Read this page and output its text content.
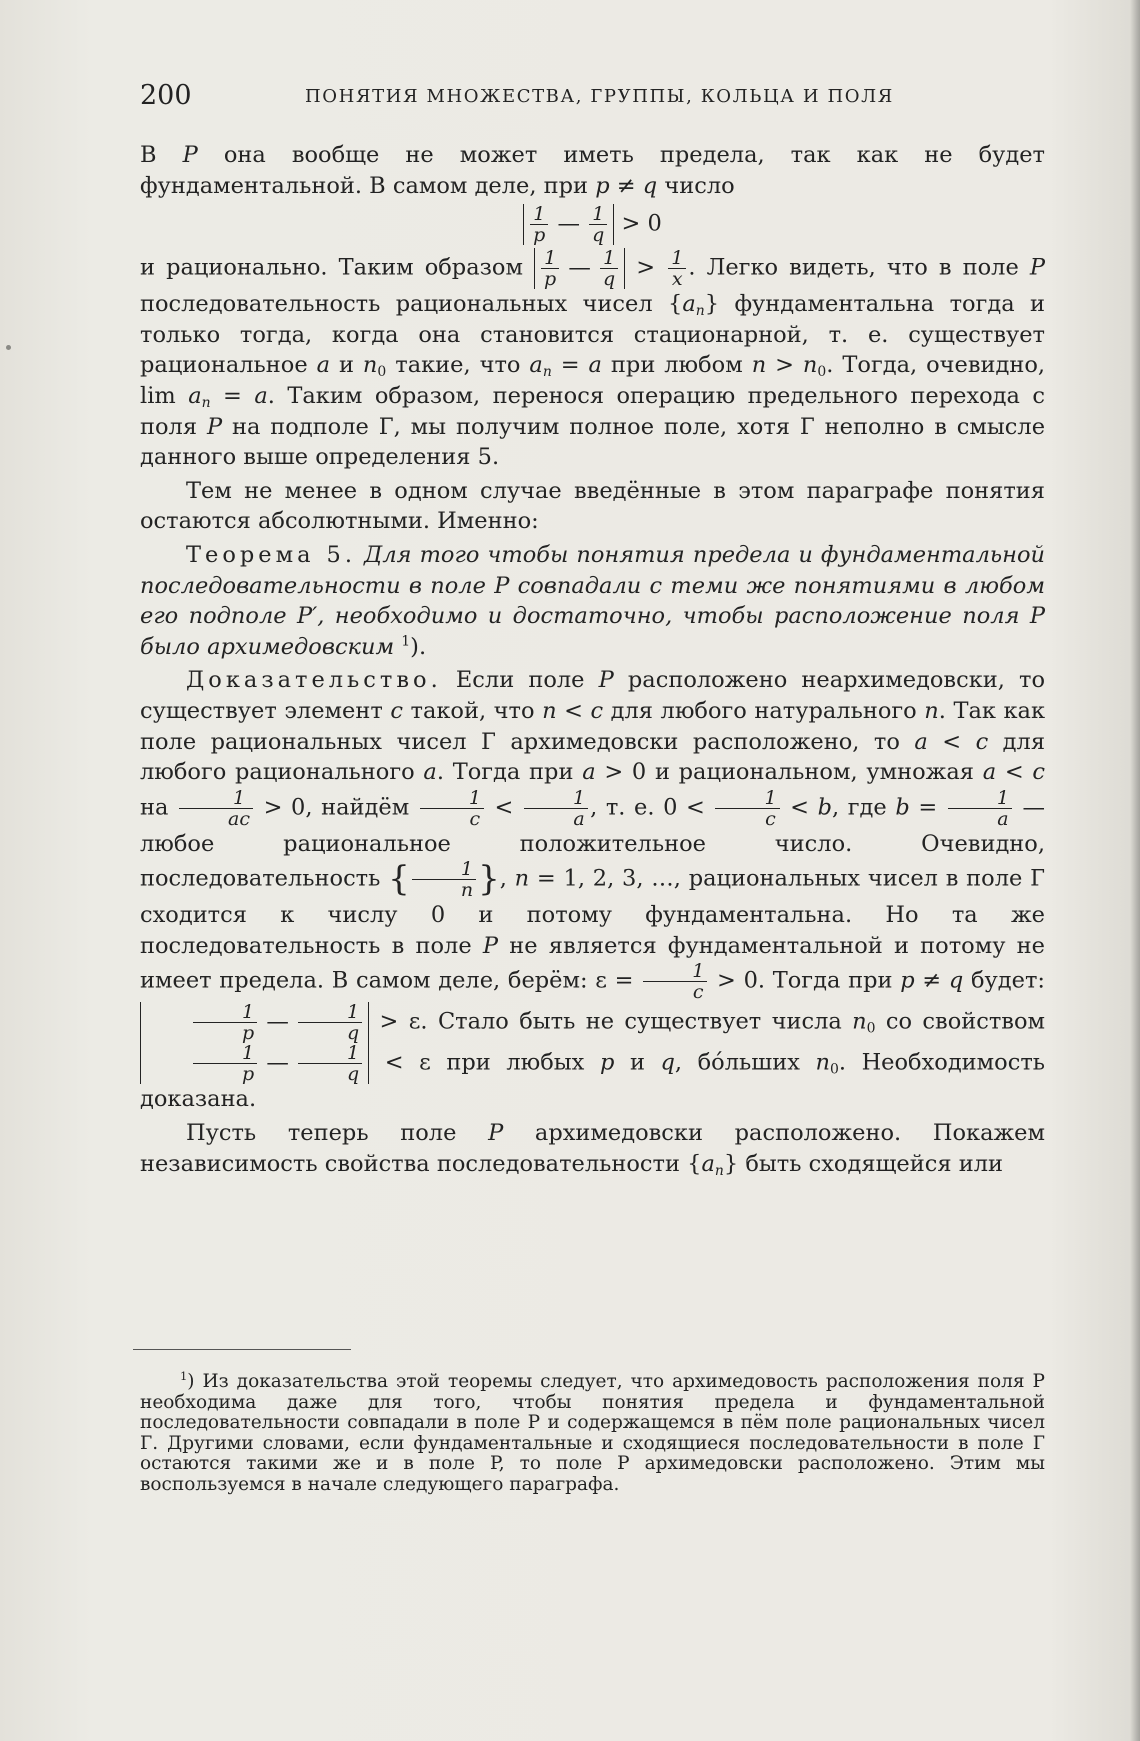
200	ПОНЯТИЯ МНОЖЕСТВА, ГРУППЫ, КОЛЬЦА И ПОЛЯ

В P она вообще не может иметь предела, так как не будет фундаментальной. В самом деле, при p ≠ q число

$\frac{1}{p}$ — $\frac{1}{q} > 0$

и рационально. Таким образом $\frac{1}{p}$ — $\frac{1}{q} > \frac{1}{x}$ . Легко видеть, что в поле P последовательность рациональных чисел $\{a_n\}$ фундаментальна тогда и только тогда, когда она становится стационарной, т. е. существует рациональное a и $n_0$ такие, что $a_n = a$ при любом $n > n_0$. Тогда, очевидно, $\lim a_n = a$. Таким образом, перенося операцию предельного перехода с поля P на подполе Г, мы получим полное поле, хотя Г неполно в смысле данного выше определения 5.

Тем не менее в одном случае введённые в этом параграфе понятия остаются абсолютными. Именно:

Теорема 5. Для того чтобы понятия предела и фундаментальной последовательности в поле P совпадали с теми же понятиями в любом его подполе P′, необходимо и достаточно, чтобы расположение поля P было архимедовским $^1$).

Доказательство. Если поле P расположено неархимедовски, то существует элемент c такой, что n < c для любого натурального n. Так как поле рациональных чисел Г архимедовски расположено, то a < c для любого рационального a. Тогда при a > 0 и рациональном, умножая a < c на $\frac{1}{ac} > 0$, найдём $\frac{1}{c} < \frac{1}{a}$ , т. е. $0 < \frac{1}{c} < b$, где $b = \frac{1}{a}$ — любое рациональное положительное число. Очевидно, последовательность { $\frac{1}{n}$ }, n = 1, 2, 3, …, рациональных чисел в поле Г сходится к числу 0 и потому фундаментальна. Но та же последовательность в поле P не является фундаментальной и потому не имеет предела. В самом деле, берём: $\varepsilon = \frac{1}{c} > 0$. Тогда при p ≠ q будет:
$\frac{1}{p}$ — $\frac{1}{q} > \varepsilon$. Стало быть не существует числа $n_0$ со свойством
$\frac{1}{p}$ — $\frac{1}{q} < \varepsilon$ при любых p и q, бо́льших $n_0$. Необходимость доказана.

Пусть теперь поле P архимедовски расположено. Покажем независимость свойства последовательности $\{a_n\}$ быть сходящейся или

$^1$) Из доказательства этой теоремы следует, что архимедовость расположения поля P необходима даже для того, чтобы понятия предела и фундаментальной последовательности совпадали в поле P и содержащемся в пём поле рациональных чисел Г. Другими словами, если фундаментальные и сходящиеся последовательности в поле Г остаются такими же и в поле P, то поле P архимедовски расположено. Этим мы воспользуемся в начале следующего параграфа.
